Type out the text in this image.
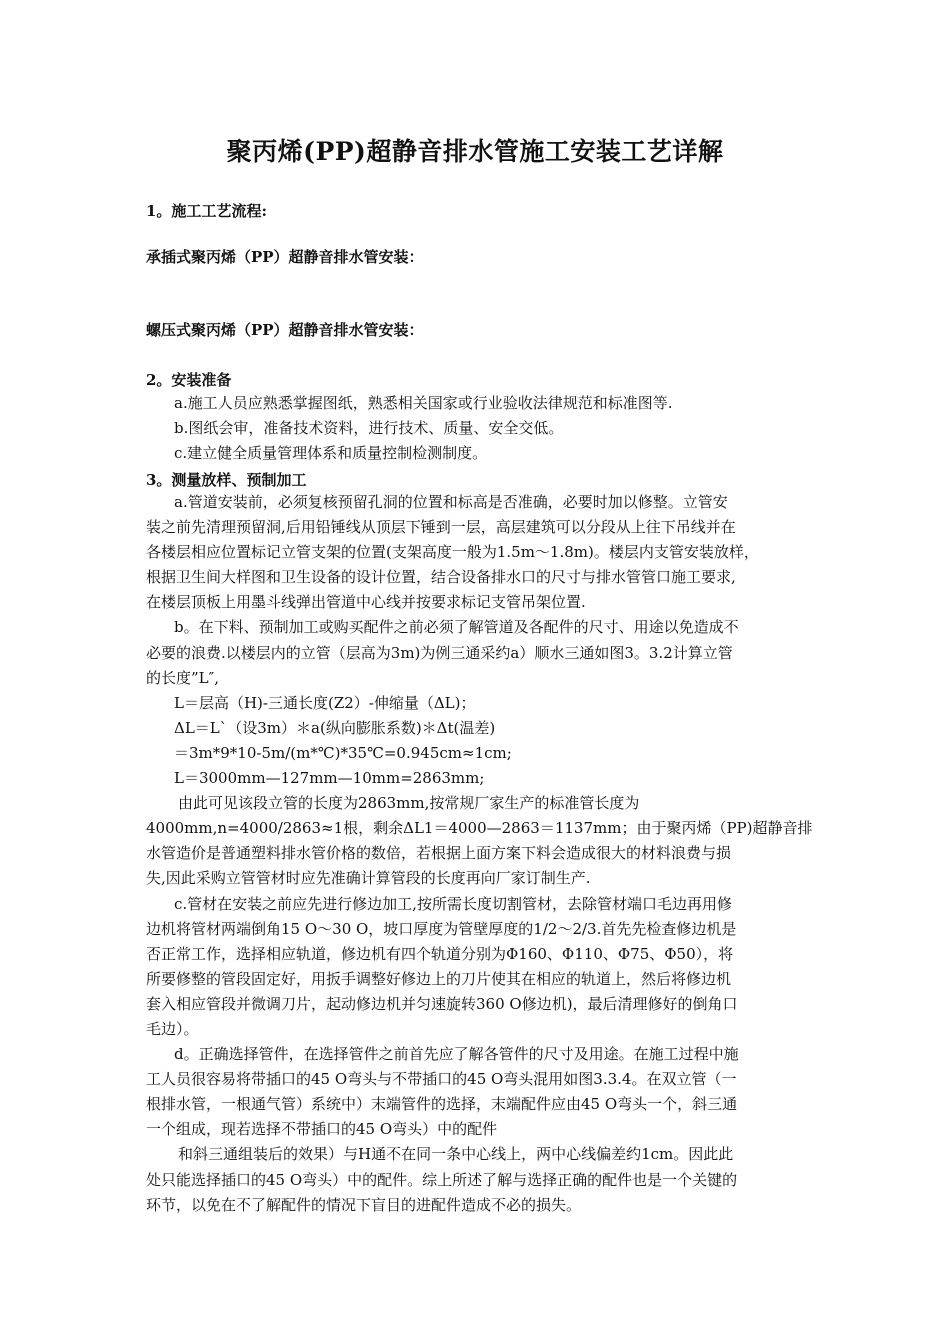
聚丙烯(PP)超静音排水管施工安装工艺详解
1。施工工艺流程:
承插式聚丙烯（PP）超静音排水管安装：
螺压式聚丙烯（PP）超静音排水管安装：
2。安装准备
a.施工人员应熟悉掌握图纸，熟悉相关国家或行业验收法律规范和标准图等.
b.图纸会审，准备技术资料，进行技术、质量、安全交低。
c.建立健全质量管理体系和质量控制检测制度。
3。测量放样、预制加工
a.管道安装前，必须复核预留孔洞的位置和标高是否准确，必要时加以修整。立管安
装之前先清理预留洞,后用铅锤线从顶层下锤到一层，高层建筑可以分段从上往下吊线并在
各楼层相应位置标记立管支架的位置(支架高度一般为1.5m～1.8m)。楼层内支管安装放样，
根据卫生间大样图和卫生设备的设计位置，结合设备排水口的尺寸与排水管管口施工要求,
在楼层顶板上用墨斗线弹出管道中心线并按要求标记支管吊架位置.
b。在下料、预制加工或购买配件之前必须了解管道及各配件的尺寸、用途以免造成不
必要的浪费.以楼层内的立管（层高为3m)为例三通采约a）顺水三通如图3。3.2计算立管
的长度”L″,
L＝层高（H)-三通长度(Z2）-伸缩量（ΔL)；
ΔL＝L`（设3m）＊a(纵向膨胀系数)＊Δt(温差)
＝3m*9*10-5m/(m*℃)*35℃=0.945cm≈1cm;
L＝3000mm—127mm—10mm=2863mm;
由此可见该段立管的长度为2863mm,按常规厂家生产的标准管长度为
4000mm,n=4000/2863≈1根，剩余ΔL1＝4000—2863＝1137mm；由于聚丙烯（PP)超静音排
水管造价是普通塑料排水管价格的数倍，若根据上面方案下料会造成很大的材料浪费与损
失,因此采购立管管材时应先准确计算管段的长度再向厂家订制生产.
c.管材在安装之前应先进行修边加工,按所需长度切割管材，去除管材端口毛边再用修
边机将管材两端倒角15 O～30 O，坡口厚度为管壁厚度的1/2～2/3.首先先检查修边机是
否正常工作，选择相应轨道，修边机有四个轨道分别为Φ160、Φ110、Φ75、Φ50），将
所要修整的管段固定好，用扳手调整好修边上的刀片使其在相应的轨道上，然后将修边机
套入相应管段并微调刀片，起动修边机并匀速旋转360 O修边机)，最后清理修好的倒角口
毛边）。
d。正确选择管件，在选择管件之前首先应了解各管件的尺寸及用途。在施工过程中施
工人员很容易将带插口的45 O弯头与不带插口的45 O弯头混用如图3.3.4。在双立管（一
根排水管，一根通气管）系统中）末端管件的选择，末端配件应由45 O弯头一个，斜三通
一个组成，现若选择不带插口的45 O弯头）中的配件
和斜三通组装后的效果）与H通不在同一条中心线上，两中心线偏差约1cm。因此此
处只能选择插口的45 O弯头）中的配件。综上所述了解与选择正确的配件也是一个关键的
环节，以免在不了解配件的情况下盲目的进配件造成不必的损失。
